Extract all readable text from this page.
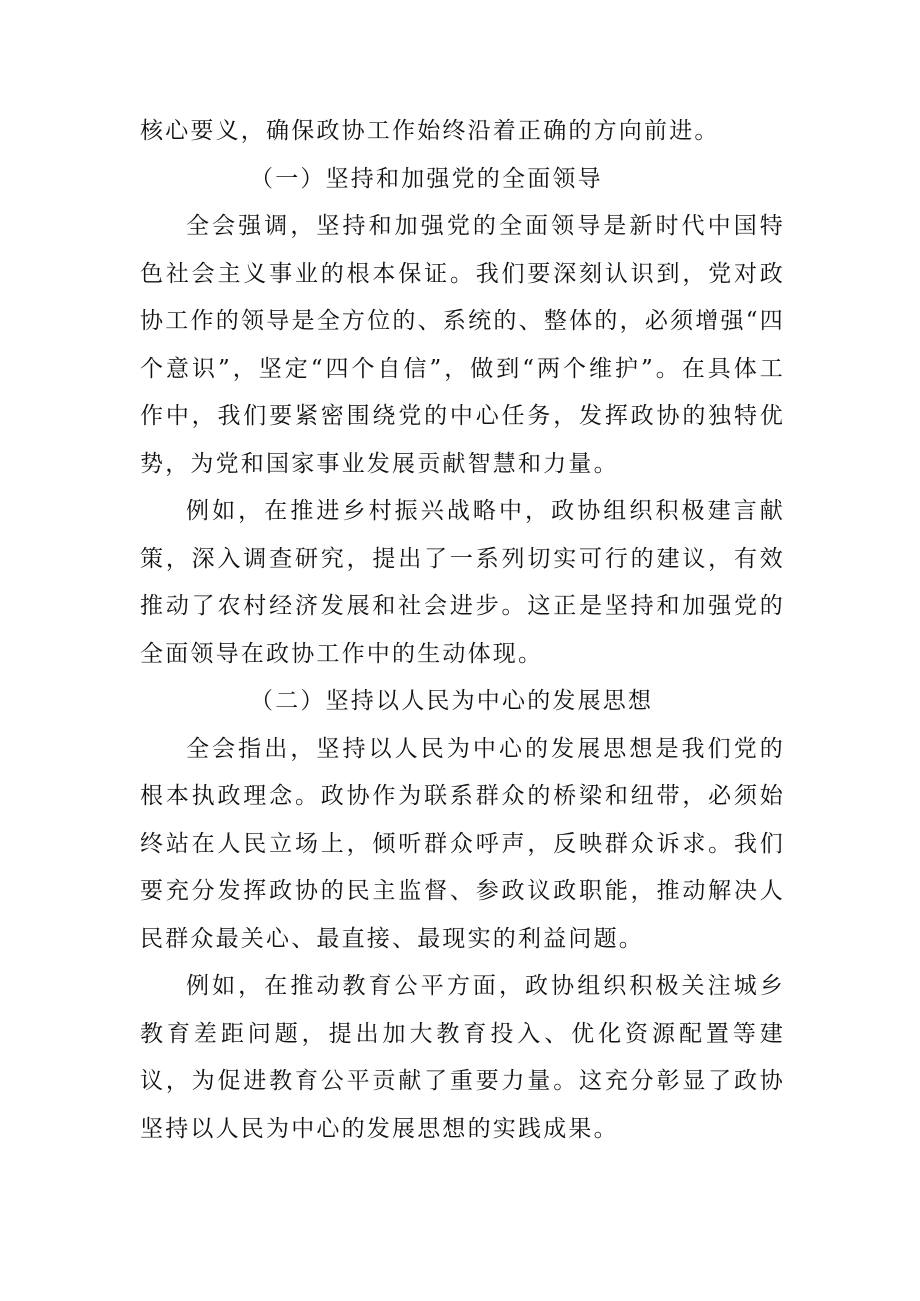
核心要义，确保政协工作始终沿着正确的方向前进。

（一）坚持和加强党的全面领导

全会强调，坚持和加强党的全面领导是新时代中国特色社会主义事业的根本保证。我们要深刻认识到，党对政协工作的领导是全方位的、系统的、整体的，必须增强“四个意识”，坚定“四个自信”，做到“两个维护”。在具体工作中，我们要紧密围绕党的中心任务，发挥政协的独特优势，为党和国家事业发展贡献智慧和力量。

例如，在推进乡村振兴战略中，政协组织积极建言献策，深入调查研究，提出了一系列切实可行的建议，有效推动了农村经济发展和社会进步。这正是坚持和加强党的全面领导在政协工作中的生动体现。

（二）坚持以人民为中心的发展思想

全会指出，坚持以人民为中心的发展思想是我们党的根本执政理念。政协作为联系群众的桥梁和纽带，必须始终站在人民立场上，倾听群众呼声，反映群众诉求。我们要充分发挥政协的民主监督、参政议政职能，推动解决人民群众最关心、最直接、最现实的利益问题。

例如，在推动教育公平方面，政协组织积极关注城乡教育差距问题，提出加大教育投入、优化资源配置等建议，为促进教育公平贡献了重要力量。这充分彰显了政协坚持以人民为中心的发展思想的实践成果。
